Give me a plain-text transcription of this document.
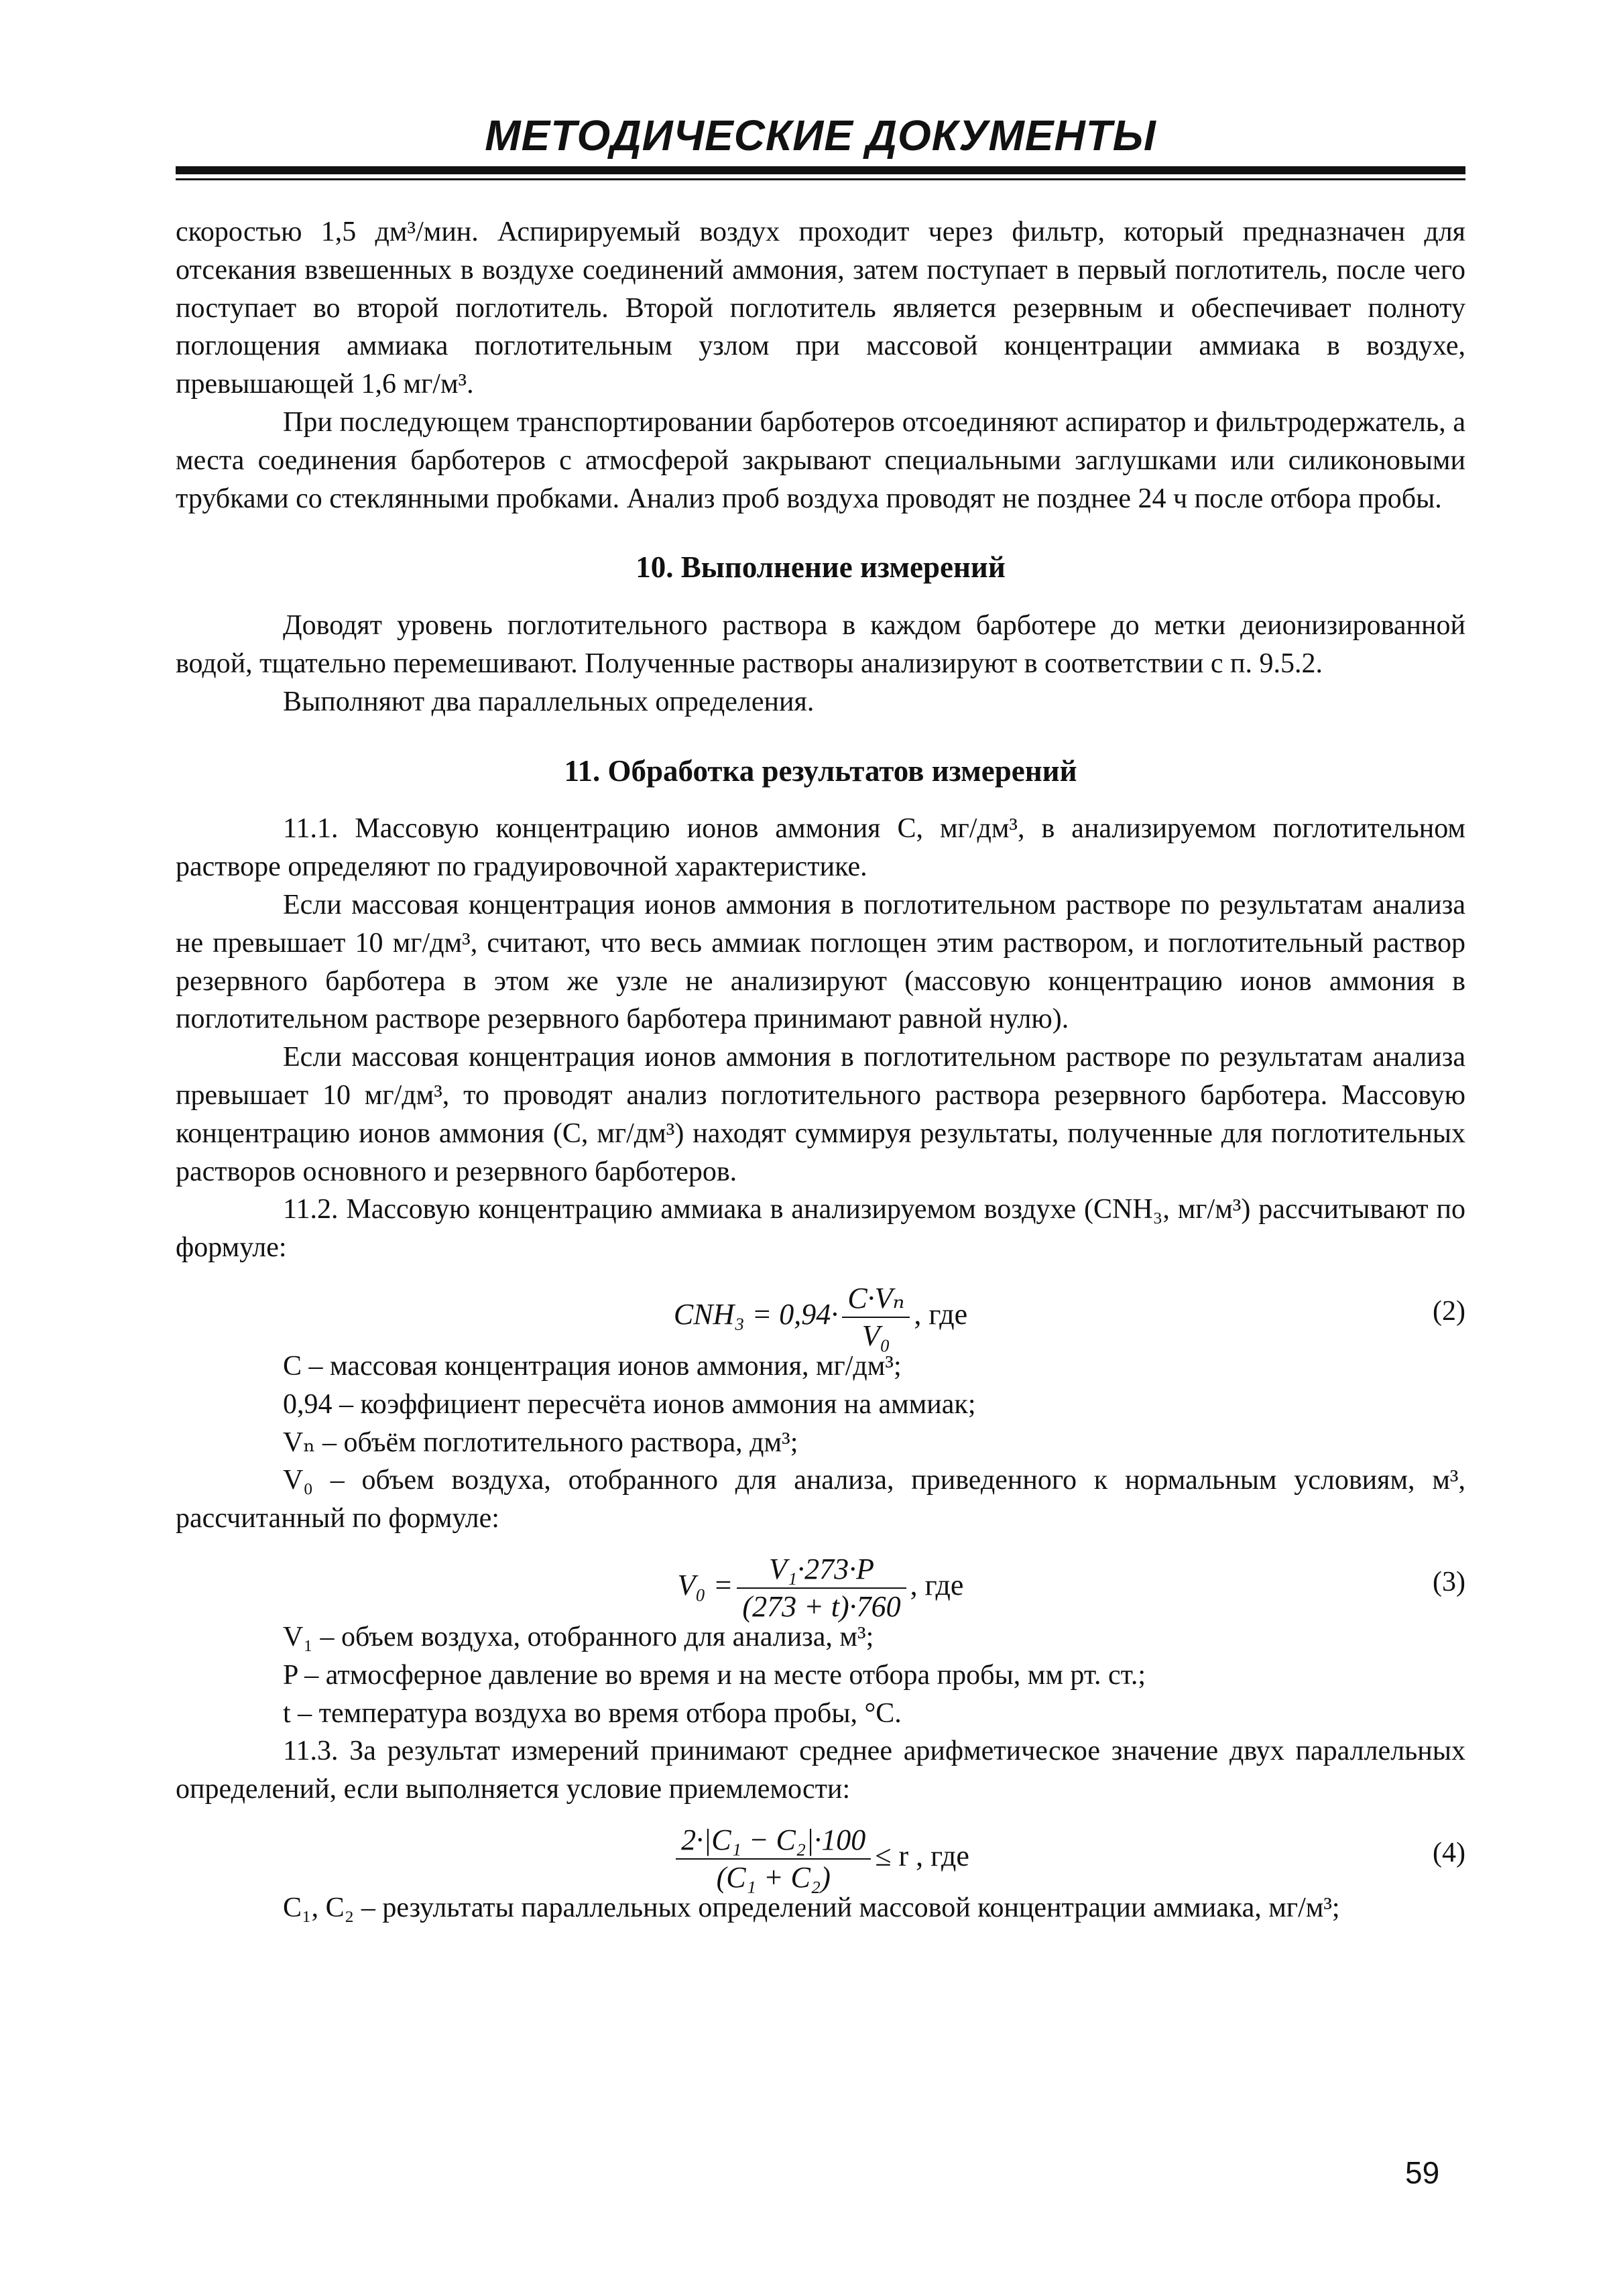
МЕТОДИЧЕСКИЕ ДОКУМЕНТЫ

скоростью 1,5 дм³/мин. Аспирируемый воздух проходит через фильтр, который предназначен для отсекания взвешенных в воздухе соединений аммония, затем поступает в первый поглотитель, после чего поступает во второй поглотитель. Второй поглотитель является резервным и обеспечивает полноту поглощения аммиака поглотительным узлом при массовой концентрации аммиака в воздухе, превышающей 1,6 мг/м³.

При последующем транспортировании барботеров отсоединяют аспиратор и фильтродержатель, а места соединения барботеров с атмосферой закрывают специальными заглушками или силиконовыми трубками со стеклянными пробками. Анализ проб воздуха проводят не позднее 24 ч после отбора пробы.

10. Выполнение измерений

Доводят уровень поглотительного раствора в каждом барботере до метки деионизированной водой, тщательно перемешивают. Полученные растворы анализируют в соответствии с п. 9.5.2.

Выполняют два параллельных определения.

11. Обработка результатов измерений

11.1. Массовую концентрацию ионов аммония C, мг/дм³, в анализируемом поглотительном растворе определяют по градуировочной характеристике.

Если массовая концентрация ионов аммония в поглотительном растворе по результатам анализа не превышает 10 мг/дм³, считают, что весь аммиак поглощен этим раствором, и поглотительный раствор резервного барботера в этом же узле не анализируют (массовую концентрацию ионов аммония в поглотительном растворе резервного барботера принимают равной нулю).

Если массовая концентрация ионов аммония в поглотительном растворе по результатам анализа превышает 10 мг/дм³, то проводят анализ поглотительного раствора резервного барботера. Массовую концентрацию ионов аммония (C, мг/дм³) находят суммируя результаты, полученные для поглотительных растворов основного и резервного барботеров.

11.2. Массовую концентрацию аммиака в анализируемом воздухе (CNH₃, мг/м³) рассчитывают по формуле:

$CNH_3 = 0,94\cdot \frac{\text{C·Vₙ}}{\text{V₀}}$ , где	(2)

C – массовая концентрация ионов аммония, мг/дм³;

0,94 – коэффициент пересчёта ионов аммония на аммиак;

Vₙ – объём поглотительного раствора, дм³;

V₀ – объем воздуха, отобранного для анализа, приведенного к нормальным условиям, м³, рассчитанный по формуле:

$V_0 = \frac{\text{V₁·273·P}}{(273 + t)\cdot 760}$ , где	(3)

V₁ – объем воздуха, отобранного для анализа, м³;

P – атмосферное давление во время и на месте отбора пробы, мм рт. ст.;

t – температура воздуха во время отбора пробы, °С.

11.3. За результат измерений принимают среднее арифметическое значение двух параллельных определений, если выполняется условие приемлемости:

$\frac{\text{2·|C₁ − C₂|·100}}{\text{(C₁ + C₂)}} \le r$ , где	(4)

C₁, C₂ – результаты параллельных определений массовой концентрации аммиака, мг/м³;

59
